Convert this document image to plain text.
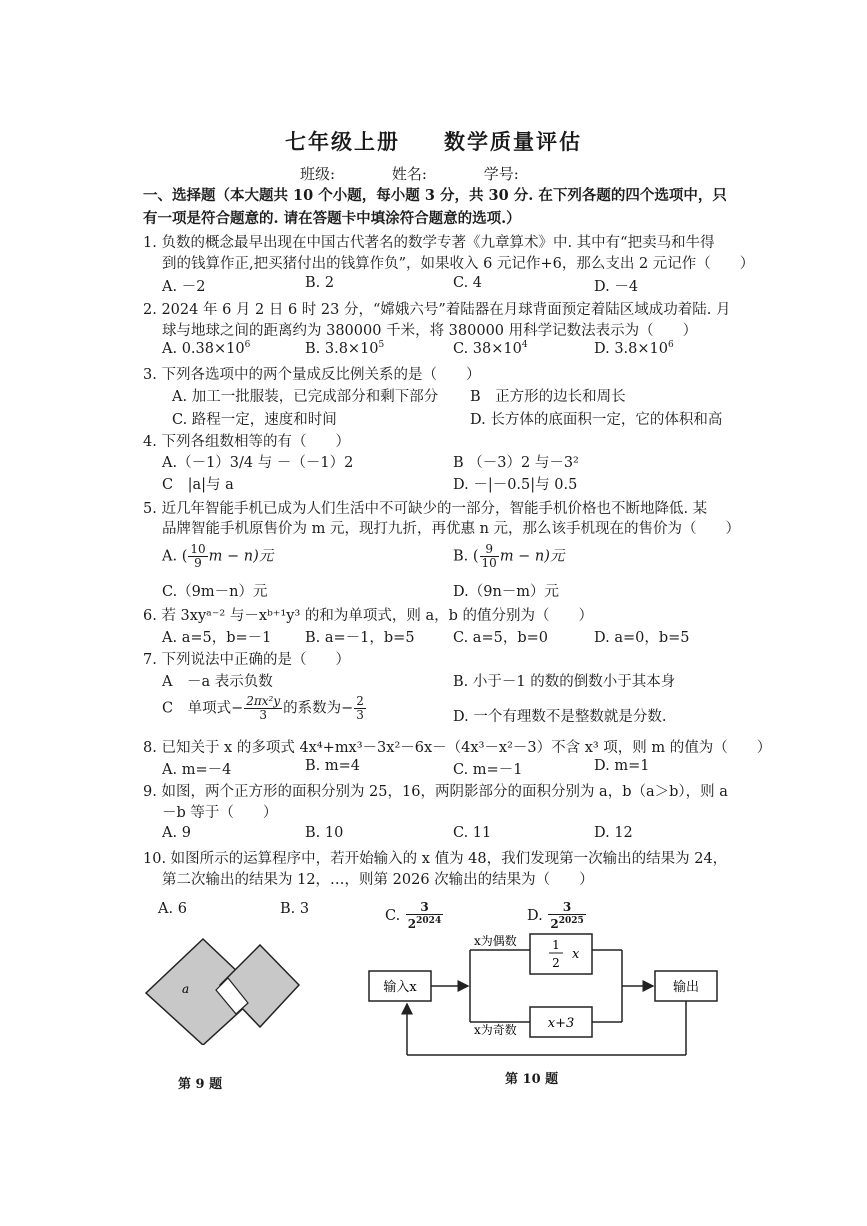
七年级上册 数学质量评估
班级:	姓名:	学号:
一、选择题（本大题共 10 个小题，每小题 3 分，共 30 分. 在下列各题的四个选项中，只
有一项是符合题意的. 请在答题卡中填涂符合题意的选项.）
1. 负数的概念最早出现在中国古代著名的数学专著《九章算术》中. 其中有“把卖马和牛得
到的钱算作正,把买猪付出的钱算作负”，如果收入 6 元记作+6，那么支出 2 元记作（　　）
A. －2	B. 2	C. 4	D. －4
2. 2024 年 6 月 2 日 6 时 23 分，“嫦娥六号”着陆器在月球背面预定着陆区域成功着陆. 月
球与地球之间的距离约为 380000 千米，将 380000 用科学记数法表示为（　　）
A. $0.38\times 10^6$	B. $3.8\times 10^5$	C. $38\times 10^4$	D. $3.8\times 10^6$
3. 下列各选项中的两个量成反比例关系的是（　　）
A. 加工一批服装，已完成部分和剩下部分 B　正方形的边长和周长
C. 路程一定，速度和时间	D. 长方体的底面积一定，它的体积和高
4. 下列各组数相等的有（　　）
A.（－1）3/4 与 －（－1）2	B （－3）2 与－3²
C　|a|与 a	D. －|－0.5|与 0.5
5. 近几年智能手机已成为人们生活中不可缺少的一部分，智能手机价格也不断地降低. 某
品牌智能手机原售价为 m 元，现打九折，再优惠 n 元，那么该手机现在的售价为（　　）
A. ( $\frac{10}{9}$ m − n)元	B. ( $\frac{9}{10}$ m − n)元
C.（9m－n）元	D.（9n－m）元
6. 若 3xyᵃ⁻² 与－xᵇ⁺¹y³ 的和为单项式，则 a，b 的值分别为（　　）
A. a=5，b=－1 B. a=－1，b=5	C. a=5，b=0	D. a=0，b=5
7. 下列说法中正确的是（　　）
A　－a 表示负数	B. 小于－1 的数的倒数小于其本身
C　单项式− $\frac{\text{2πx²y}}{3}$ 的系数为− $\frac{2}{3}$	D. 一个有理数不是整数就是分数.
8. 已知关于 x 的多项式 4x⁴+mx³－3x²－6x－（4x³－x²－3）不含 x³ 项，则 m 的值为（　　）
A. m=－4	B. m=4	C. m=－1	D. m=1
9. 如图，两个正方形的面积分别为 25，16，两阴影部分的面积分别为 a，b（a＞b），则 a
－b 等于（　　）
A. 9	B. 10	C. 11	D. 12
10. 如图所示的运算程序中，若开始输入的 x 值为 48，我们发现第一次输出的结果为 24，
第二次输出的结果为 12，…，则第 2026 次输出的结果为（　　）
A. 6	B. 3	C. $\frac{3}{2^{2024}}$	D. $\frac{3}{2^{2025}}$
a
第 9 题
输入x
x为偶数
x为奇数
1
2
x
x+3
输出
第 10 题
